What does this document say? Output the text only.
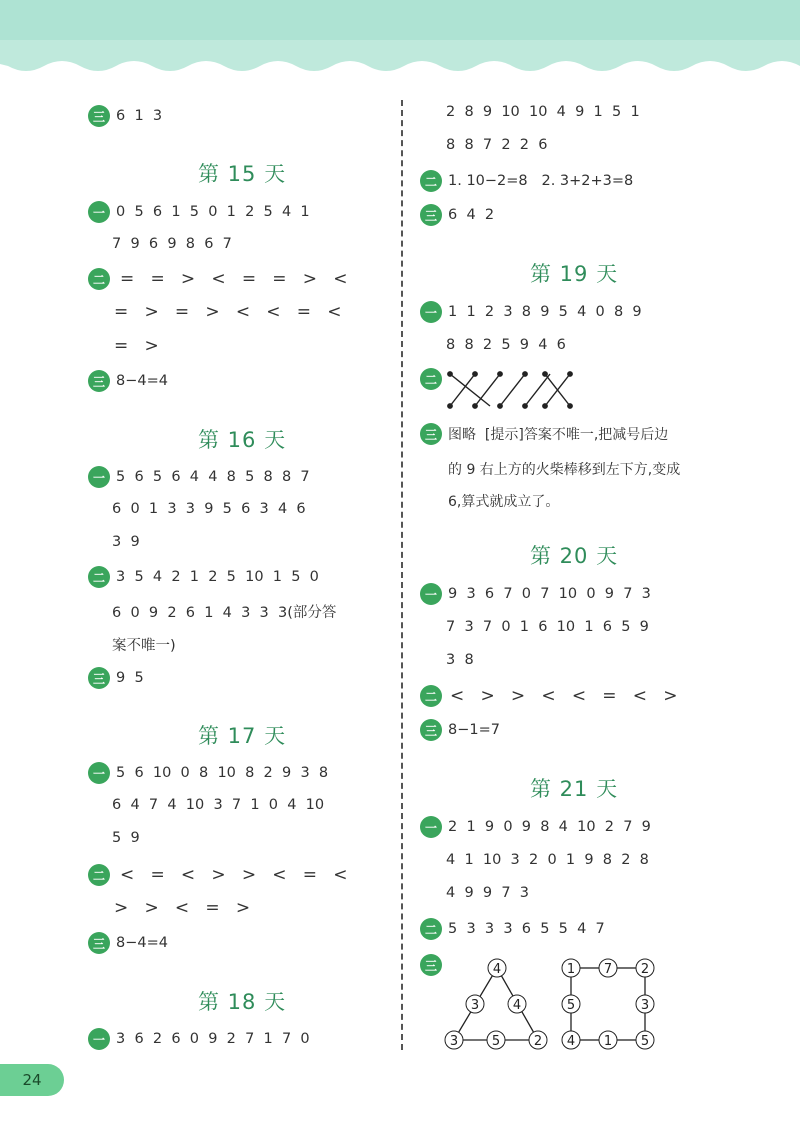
三 6  1  3
第 15 天
一 0  5  6  1  5  0  1  2  5  4  1
7  9  6  9  8  6  7
二 =   =   >   <   =   =   >   <
=   >   =   >   <   <   =   <
=   >
三 8−4=4
第 16 天
一 5  6  5  6  4  4  8  5  8  8  7
6  0  1  3  3  9  5  6  3  4  6
3  9
二 3  5  4  2  1  2  5  10  1  5  0
6  0  9  2  6  1  4  3  3  3(部分答
案不唯一)
三 9  5
第 17 天
一 5  6  10  0  8  10  8  2  9  3  8
6  4  7  4  10  3  7  1  0  4  10
5  9
二 <   =   <   >   >   <   =   <
>   >   <   =   >
三 8−4=4
第 18 天
一 3  6  2  6  0  9  2  7  1  7  0
2  8  9  10  10  4  9  1  5  1
8  8  7  2  2  6
二 1. 10−2=8   2. 3+2+3=8
三 6  4  2
第 19 天
一 1  1  2  3  8  9  5  4  0  8  9
8  8  2  5  9  4  6
二
三 图略  [提示]答案不唯一,把减号后边
的 9 右上方的火柴棒移到左下方,变成
6,算式就成立了。
第 20 天
一 9  3  6  7  0  7  10  0  9  7  3
7  3  7  0  1  6  10  1  6  5  9
3  8
二 <   >   >   <   <   =   <   >
三 8−1=7
第 21 天
一 2  1  9  0  9  8  4  10  2  7  9
4  1  10  3  2  0  1  9  8  2  8
4  9  9  7  3
二 5  3  3  3  6  5  5  4  7
三	4
3	4
3	5	2
1 7 2
5	3
4 1 5
24
